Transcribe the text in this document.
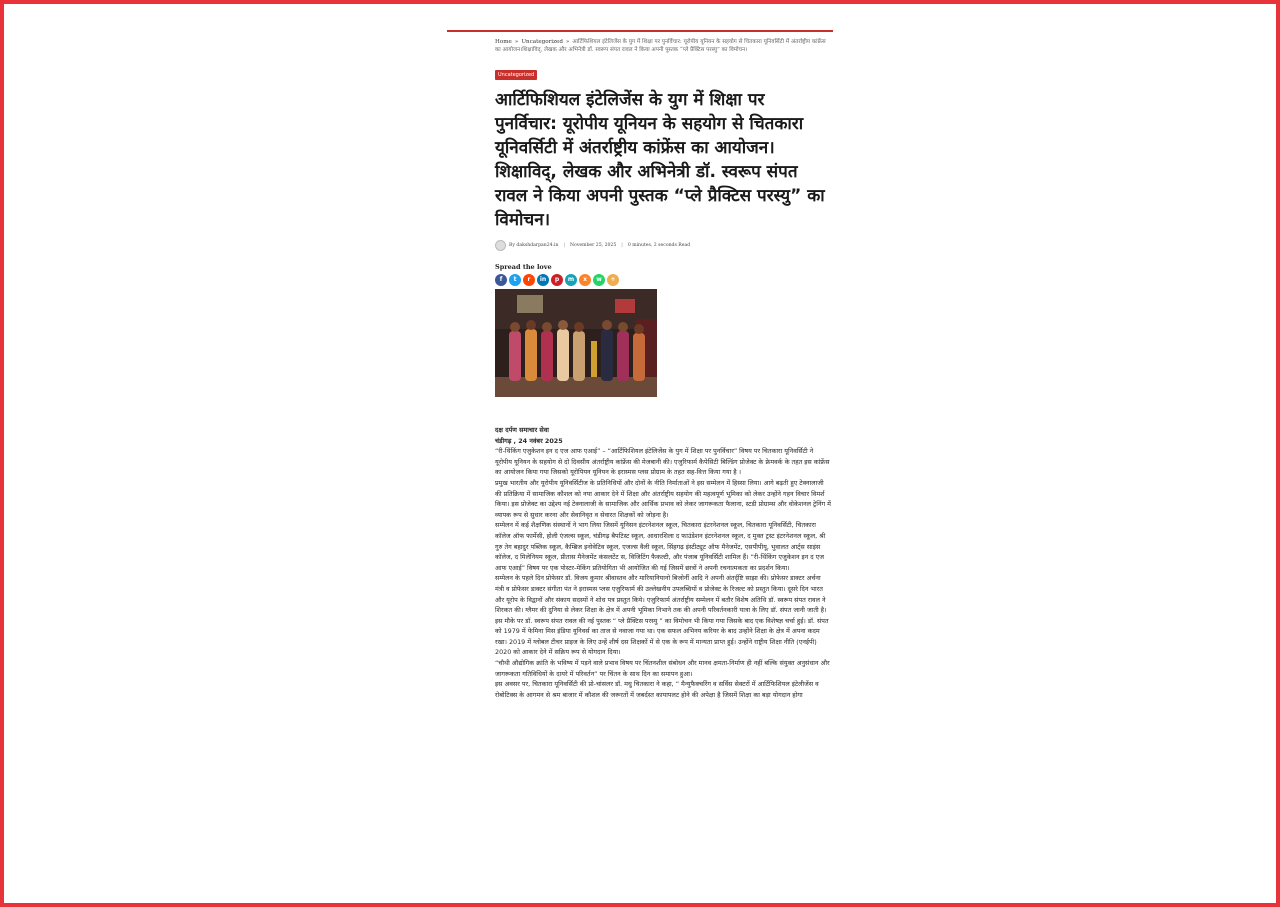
Home » Uncategorized » आर्टिफिशियल इंटेलिजेंस के युग में शिक्षा पर पुनर्विचार: यूरोपीय यूनियन के सहयोग से चितकारा यूनिवर्सिटी में अंतर्राष्ट्रीय कांफ्रेंस का आयोजन।शिक्षाविद्, लेखक और अभिनेत्री डॉ. स्वरूप संपत रावल ने किया अपनी पुस्तक “प्ले प्रैक्टिस परस्यु” का विमोचन।
Uncategorized
आर्टिफिशियल इंटेलिजेंस के युग में शिक्षा पर पुनर्विचार: यूरोपीय यूनियन के सहयोग से चितकारा यूनिवर्सिटी में अंतर्राष्ट्रीय कांफ्रेंस का आयोजन।शिक्षाविद्, लेखक और अभिनेत्री डॉ. स्वरूप संपत रावल ने किया अपनी पुस्तक “प्ले प्रैक्टिस परस्यु” का विमोचन।
By dakshdarpan24.in | November 25, 2025 | 0 minutes, 2 seconds Read
Spread the love
f	t	r	in	p	m	x	w	+

दक्ष दर्पण समाचार सेवा

चंडीगढ़ , 24 नवंबर 2025

“री-थिंकिंग एजुकेशन इन द एज आफ एआई” – “आर्टिफिशियल इंटेलिजेंस के युग में शिक्षा पर पुनर्विचार” विषय पर चितकारा यूनिवर्सिटी ने यूरोपीय यूनियन के सहयोग से दो दिवसीय अंतर्राष्ट्रीय कांफ्रेंस की मेजबानी की। एजुरिफार्म कैपेसिटी बिल्डिंग प्रोजेक्ट के फ्रेमवर्क के तहत इस कांफ्रेंस का आयोजन किया गया जिसको यूरोपियन यूनियन के इरास्मस प्लस प्रोग्राम के तहत सह-वित्त किया गया है ।

प्रमुख भारतीय और यूरोपीय यूनिवर्सिटीज के प्रतिनिधियों और दोनों के नीति निर्माताओं ने इस सम्मेलन में हिस्सा लिया। आगे बढ़ती हुए टेक्नालाजी की प्रतिक्रिया में सामाजिक कौशल को नया आकार देने में शिक्षा और अंतर्राष्ट्रीय सहयोग की महत्वपूर्ण भूमिका को लेकर उन्होंने गहन विचार विमर्श किया। इस प्रोजेक्ट का उद्देश्य नई टेक्नालाजी के सामाजिक और आर्थिक प्रभाव को लेकर जागरूकता फैलाना, स्टडी प्रोग्राम्स और वोकेशनल ट्रेनिंग में व्यापक रूप से सुधार करना और सेवानिवृत व सेवारत शिक्षकों को जोड़ना है।

सम्मेलन में कई शैक्षणिक संस्थानों ने भाग लिया जिसमें यूनिसन इंटरनेशनल स्कूल, चितकारा इंटरनेशनल स्कूल, चितकारा यूनिवर्सिटी, चितकारा कॉलेज ऑफ फार्मेसी, होली एंजल्स स्कूल, चंडीगढ़ बैपटिस्ट स्कूल, आधारशिला द फाउंडेशन इंटरनेशनल स्कूल, द मुक्त ट्रस्ट इंटरनेशनल स्कूल, श्री गुरु तेग बहादुर पब्लिक स्कूल, कैम्ब्रिज इनोवेटिव स्कूल, एजल्स वैली स्कूल, सिंहगढ़ इंस्टीट्यूट ऑफ मैनेजमेंट, एसपीपीयू, भुवालत आर्ट्स साइंस कॉलेज, द मिलेनियम स्कूल, प्रीतास मैनेजमेंट कंसलटेंट स, विजिटिंग फैकल्टी, और पंजाब यूनिवर्सिटी शामिल हैं। “री-थिंकिंग एजुकेशन इन द एज आफ एआई” विषय पर एक पोस्टर-मेकिंग प्रतियोगिता भी आयोजित की गई जिसमें छात्रों ने अपनी रचनात्मकता का प्रदर्शन किया।

सम्मेलन के पहले दिन प्रोफेसर डॉ. विजय कुमार श्रीवास्तव और मारियानियानो बिजोर्नी आदि ने अपनी अंतर्दृष्टि साझा की। प्रोफेसर डाक्टर अर्चना मंत्री व प्रोफेसर डाक्टर संगीता पंत ने इरास्मस प्लस एजुरिफार्म की उल्लेखनीय उपलब्धियों व प्रोजेक्ट के रिजल्ट को प्रस्तुत किया। दूसरे दिन भारत और यूरोप के विद्वानों और संकाय सदस्यों ने शोध पत्र प्रस्तुत किये। एजुरिफार्म अंतर्राष्ट्रीय सम्मेलन में बतौर विशेष अतिथि डॉ. स्वरूप संपत रावल ने शिरकत की। ग्लैमर की दुनिया से लेकर शिक्षा के क्षेत्र में अपनी भूमिका निभाने तक की अपनी परिवर्तनकारी यात्रा के लिए डॉ. संपत जानी जाती है।

इस मौके पर डॉ. स्वरूप संपत रावल की नई पुस्तक “ प्ले प्रैक्टिस परस्यु ” का विमोचन भी किया गया जिसके बाद एक विशेषज्ञ चर्चा हुई। डॉ. संपत को 1979 में फेमिना मिस इंडिया यूनिवर्स का ताज से नवाजा गया था। एक सफल अभिनय करियर के बाद उन्होंने शिक्षा के क्षेत्र में अपना कदम रखा। 2019 में ग्लोबल टीचर प्राइज के लिए उन्हें शीर्ष दस शिक्षकों में से एक के रूप में मान्यता प्राप्त हुई। उन्होंने राष्ट्रीय शिक्षा नीति (एनईपी) 2020 को आकार देने में सक्रिय रूप से योगदान दिया।

“चौथी औद्योगिक क्रांति के भविष्य में पड़ने वाले प्रभाव विषय पर चिंतनशील संबोधन और मानव क्षमता-निर्माण ही नहीं बल्कि संयुक्त अनुसंधान और जागरूकता गतिविधियों के दायरे में परिवर्तन” पर चिंतन के साथ दिन का समापन हुआ।

इस अवसर पर, चितकारा यूनिवर्सिटी की प्रो-चांसलर डॉ. मधु चितकारा ने कहा, “ मैन्युफैक्चरिंग व सर्विस सेक्टरों में आर्टिफिशियल इंटेलीजेंस व रोबोटिक्स के आगमन से श्रम बाजार में कौशल की जरूरतों में जबर्दस्त कायापलट होने की अपेक्षा है जिसमें शिक्षा का बड़ा योगदान होगा
